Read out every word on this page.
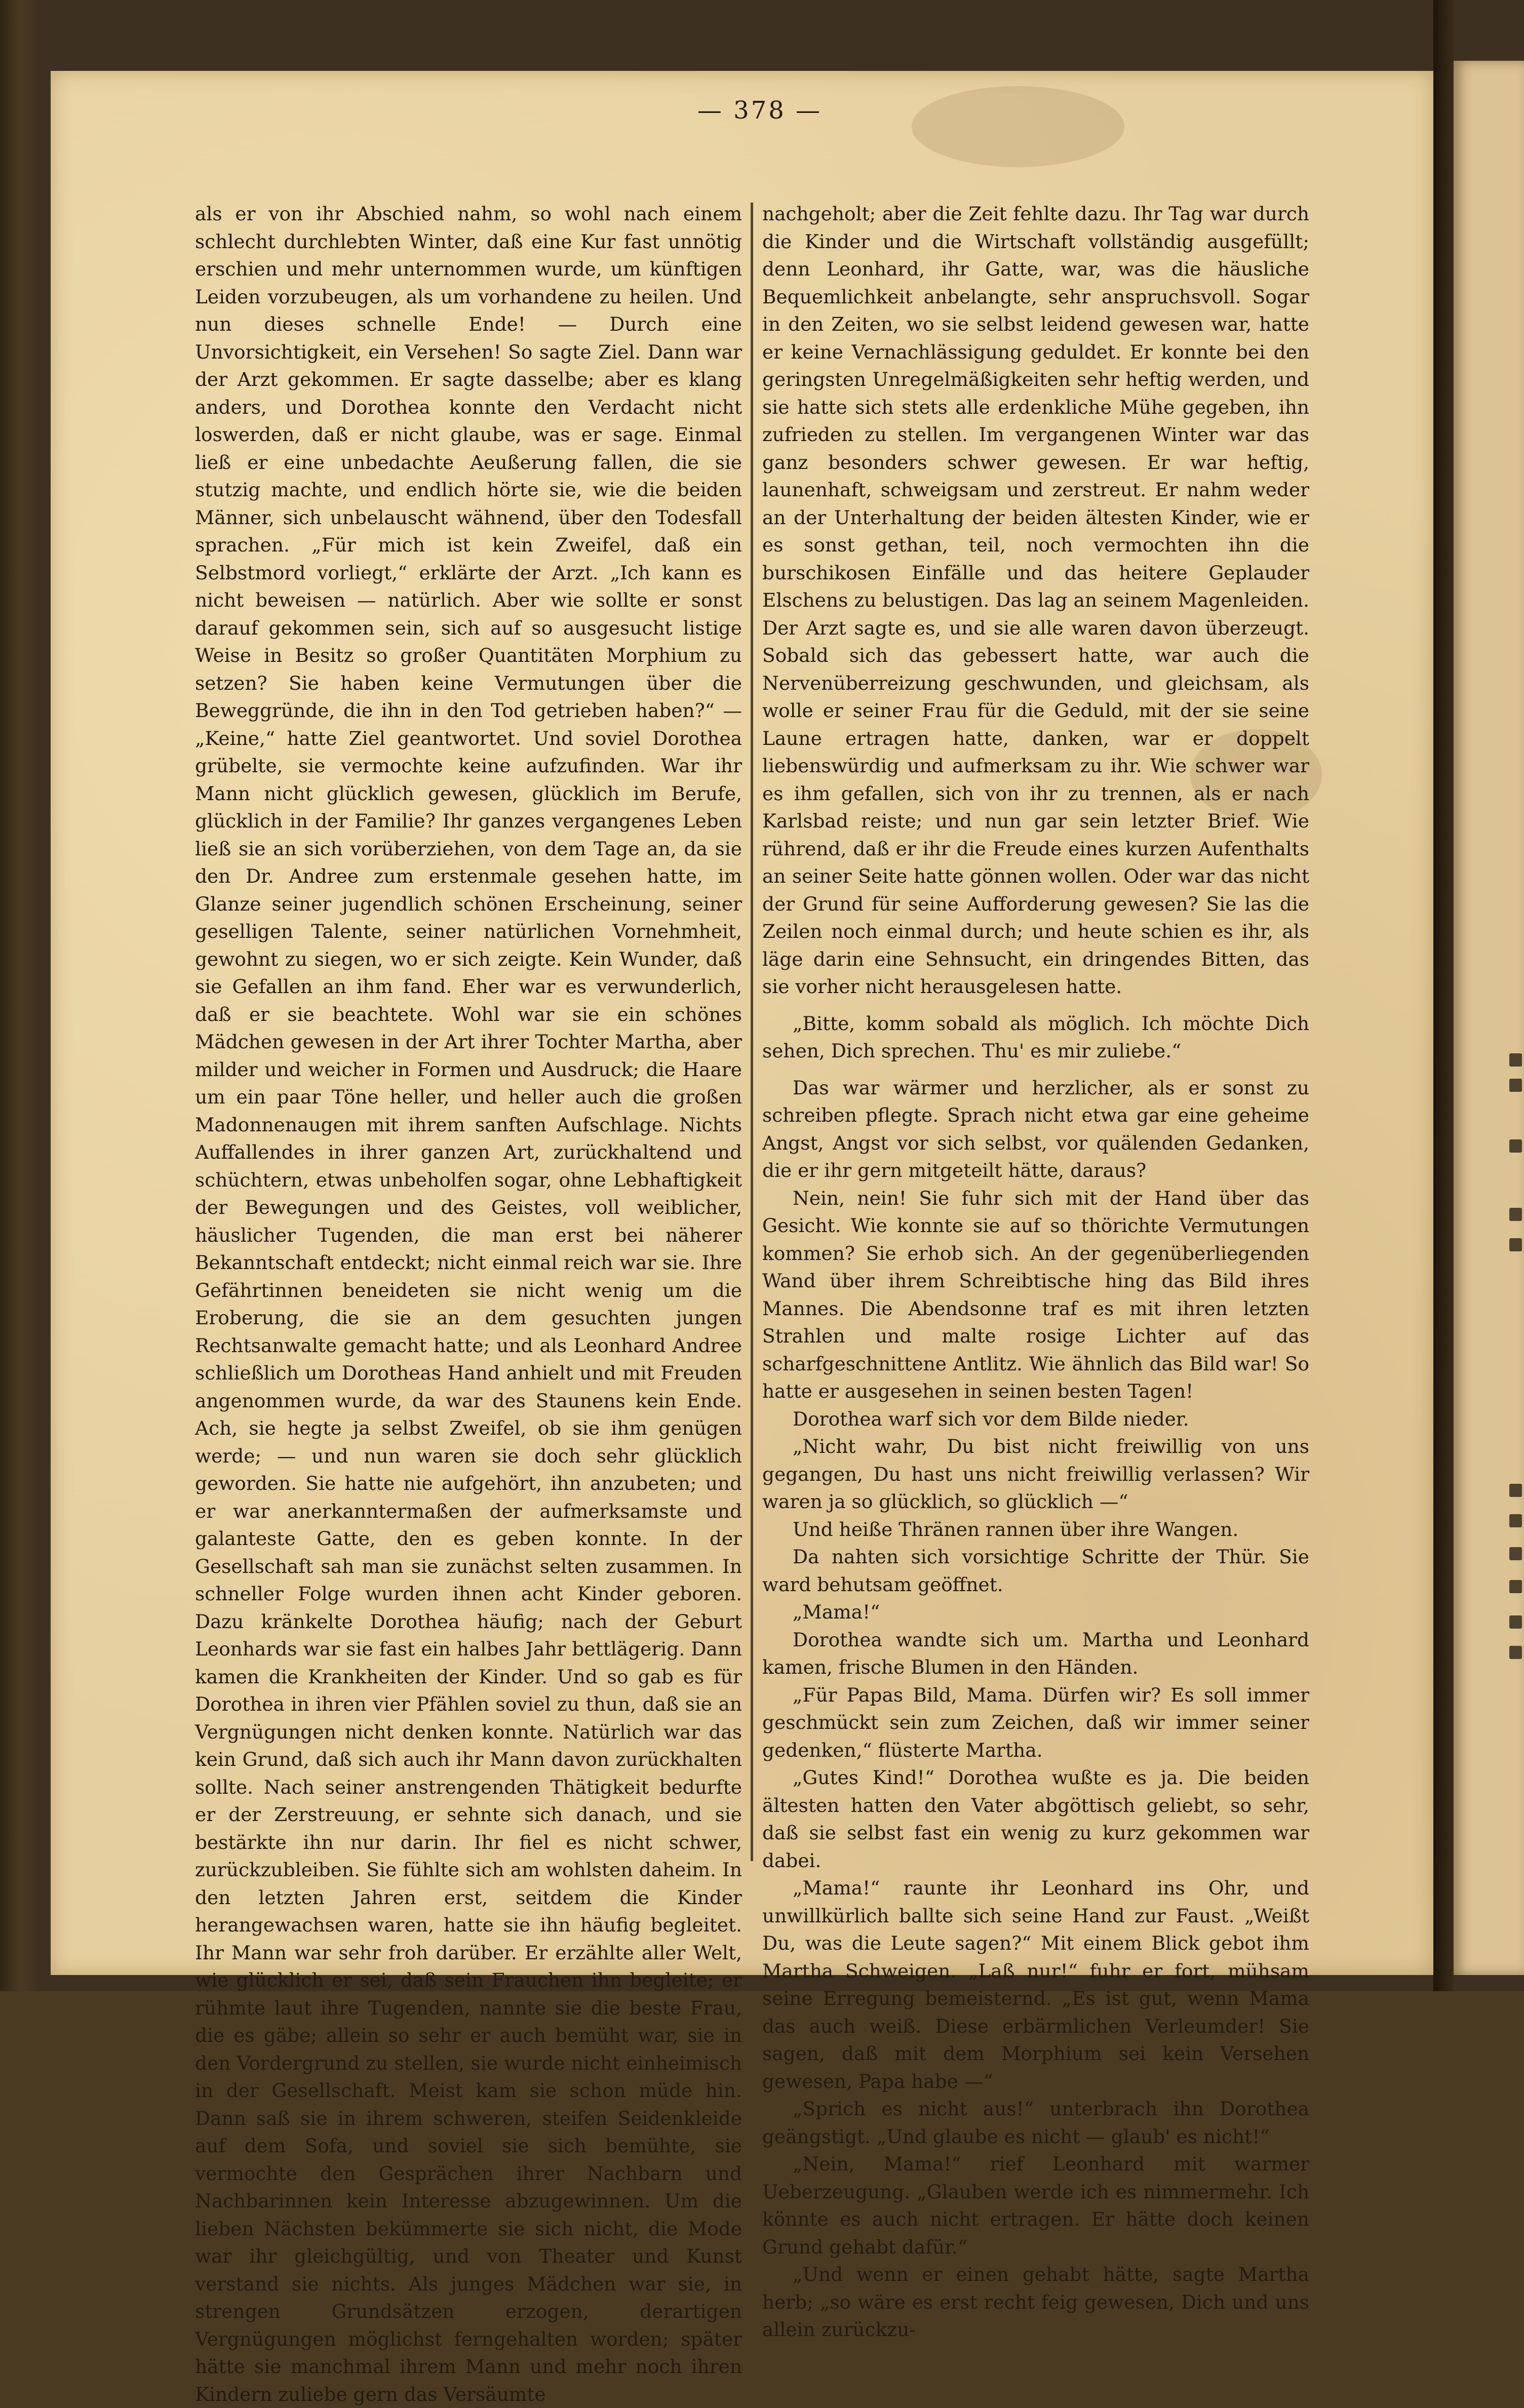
— 378 —

als er von ihr Abschied nahm, so wohl nach einem schlecht durchlebten Winter, daß eine Kur fast unnötig erschien und mehr unternommen wurde, um künftigen Leiden vorzubeugen, als um vorhandene zu heilen. Und nun dieses schnelle Ende! — Durch eine Unvorsichtigkeit, ein Versehen! So sagte Ziel. Dann war der Arzt gekommen. Er sagte dasselbe; aber es klang anders, und Dorothea konnte den Verdacht nicht loswerden, daß er nicht glaube, was er sage. Einmal ließ er eine unbedachte Aeußerung fallen, die sie stutzig machte, und endlich hörte sie, wie die beiden Männer, sich unbelauscht wähnend, über den Todesfall sprachen. „Für mich ist kein Zweifel, daß ein Selbstmord vorliegt,“ erklärte der Arzt. „Ich kann es nicht beweisen — natürlich. Aber wie sollte er sonst darauf gekommen sein, sich auf so ausgesucht listige Weise in Besitz so großer Quantitäten Morphium zu setzen? Sie haben keine Vermutungen über die Beweggründe, die ihn in den Tod getrieben haben?“ — „Keine,“ hatte Ziel geantwortet. Und soviel Dorothea grübelte, sie vermochte keine aufzufinden. War ihr Mann nicht glücklich gewesen, glücklich im Berufe, glücklich in der Familie? Ihr ganzes vergangenes Leben ließ sie an sich vorüberziehen, von dem Tage an, da sie den Dr. Andree zum erstenmale gesehen hatte, im Glanze seiner jugendlich schönen Erscheinung, seiner geselligen Talente, seiner natürlichen Vornehmheit, gewohnt zu siegen, wo er sich zeigte. Kein Wunder, daß sie Gefallen an ihm fand. Eher war es verwunderlich, daß er sie beachtete. Wohl war sie ein schönes Mädchen gewesen in der Art ihrer Tochter Martha, aber milder und weicher in Formen und Ausdruck; die Haare um ein paar Töne heller, und heller auch die großen Madonnenaugen mit ihrem sanften Aufschlage. Nichts Auffallendes in ihrer ganzen Art, zurückhaltend und schüchtern, etwas unbeholfen sogar, ohne Lebhaftigkeit der Bewegungen und des Geistes, voll weiblicher, häuslicher Tugenden, die man erst bei näherer Bekanntschaft entdeckt; nicht einmal reich war sie. Ihre Gefährtinnen beneideten sie nicht wenig um die Eroberung, die sie an dem gesuchten jungen Rechtsanwalte gemacht hatte; und als Leonhard Andree schließlich um Dorotheas Hand anhielt und mit Freuden angenommen wurde, da war des Staunens kein Ende. Ach, sie hegte ja selbst Zweifel, ob sie ihm genügen werde; — und nun waren sie doch sehr glücklich geworden. Sie hatte nie aufgehört, ihn anzubeten; und er war anerkanntermaßen der aufmerksamste und galanteste Gatte, den es geben konnte. In der Gesellschaft sah man sie zunächst selten zusammen. In schneller Folge wurden ihnen acht Kinder geboren. Dazu kränkelte Dorothea häufig; nach der Geburt Leonhards war sie fast ein halbes Jahr bettlägerig. Dann kamen die Krankheiten der Kinder. Und so gab es für Dorothea in ihren vier Pfählen soviel zu thun, daß sie an Vergnügungen nicht denken konnte. Natürlich war das kein Grund, daß sich auch ihr Mann davon zurückhalten sollte. Nach seiner anstrengenden Thätigkeit bedurfte er der Zerstreuung, er sehnte sich danach, und sie bestärkte ihn nur darin. Ihr fiel es nicht schwer, zurückzubleiben. Sie fühlte sich am wohlsten daheim. In den letzten Jahren erst, seitdem die Kinder herangewachsen waren, hatte sie ihn häufig begleitet. Ihr Mann war sehr froh darüber. Er erzählte aller Welt, wie glücklich er sei, daß sein Frauchen ihn begleite; er rühmte laut ihre Tugenden, nannte sie die beste Frau, die es gäbe; allein so sehr er auch bemüht war, sie in den Vordergrund zu stellen, sie wurde nicht einheimisch in der Gesellschaft. Meist kam sie schon müde hin. Dann saß sie in ihrem schweren, steifen Seidenkleide auf dem Sofa, und soviel sie sich bemühte, sie vermochte den Gesprächen ihrer Nachbarn und Nachbarinnen kein Interesse abzugewinnen. Um die lieben Nächsten bekümmerte sie sich nicht, die Mode war ihr gleichgültig, und von Theater und Kunst verstand sie nichts. Als junges Mädchen war sie, in strengen Grundsätzen erzogen, derartigen Vergnügungen möglichst ferngehalten worden; später hätte sie manchmal ihrem Mann und mehr noch ihren Kindern zuliebe gern das Versäumte

nachgeholt; aber die Zeit fehlte dazu. Ihr Tag war durch die Kinder und die Wirtschaft vollständig ausgefüllt; denn Leonhard, ihr Gatte, war, was die häusliche Bequemlichkeit anbelangte, sehr anspruchsvoll. Sogar in den Zeiten, wo sie selbst leidend gewesen war, hatte er keine Vernachlässigung geduldet. Er konnte bei den geringsten Unregelmäßigkeiten sehr heftig werden, und sie hatte sich stets alle erdenkliche Mühe gegeben, ihn zufrieden zu stellen. Im vergangenen Winter war das ganz besonders schwer gewesen. Er war heftig, launenhaft, schweigsam und zerstreut. Er nahm weder an der Unterhaltung der beiden ältesten Kinder, wie er es sonst gethan, teil, noch vermochten ihn die burschikosen Einfälle und das heitere Geplauder Elschens zu belustigen. Das lag an seinem Magenleiden. Der Arzt sagte es, und sie alle waren davon überzeugt. Sobald sich das gebessert hatte, war auch die Nervenüberreizung geschwunden, und gleichsam, als wolle er seiner Frau für die Geduld, mit der sie seine Laune ertragen hatte, danken, war er doppelt liebenswürdig und aufmerksam zu ihr. Wie schwer war es ihm gefallen, sich von ihr zu trennen, als er nach Karlsbad reiste; und nun gar sein letzter Brief. Wie rührend, daß er ihr die Freude eines kurzen Aufenthalts an seiner Seite hatte gönnen wollen. Oder war das nicht der Grund für seine Aufforderung gewesen? Sie las die Zeilen noch einmal durch; und heute schien es ihr, als läge darin eine Sehnsucht, ein dringendes Bitten, das sie vorher nicht herausgelesen hatte.

„Bitte, komm sobald als möglich. Ich möchte Dich sehen, Dich sprechen. Thu' es mir zuliebe.“

Das war wärmer und herzlicher, als er sonst zu schreiben pflegte. Sprach nicht etwa gar eine geheime Angst, Angst vor sich selbst, vor quälenden Gedanken, die er ihr gern mitgeteilt hätte, daraus?

Nein, nein! Sie fuhr sich mit der Hand über das Gesicht. Wie konnte sie auf so thörichte Vermutungen kommen? Sie erhob sich. An der gegenüberliegenden Wand über ihrem Schreibtische hing das Bild ihres Mannes. Die Abendsonne traf es mit ihren letzten Strahlen und malte rosige Lichter auf das scharfgeschnittene Antlitz. Wie ähnlich das Bild war! So hatte er ausgesehen in seinen besten Tagen!

Dorothea warf sich vor dem Bilde nieder.

„Nicht wahr, Du bist nicht freiwillig von uns gegangen, Du hast uns nicht freiwillig verlassen? Wir waren ja so glücklich, so glücklich —“

Und heiße Thränen rannen über ihre Wangen.

Da nahten sich vorsichtige Schritte der Thür. Sie ward behutsam geöffnet.

„Mama!“

Dorothea wandte sich um. Martha und Leonhard kamen, frische Blumen in den Händen.

„Für Papas Bild, Mama. Dürfen wir? Es soll immer geschmückt sein zum Zeichen, daß wir immer seiner gedenken,“ flüsterte Martha.

„Gutes Kind!“ Dorothea wußte es ja. Die beiden ältesten hatten den Vater abgöttisch geliebt, so sehr, daß sie selbst fast ein wenig zu kurz gekommen war dabei.

„Mama!“ raunte ihr Leonhard ins Ohr, und unwillkürlich ballte sich seine Hand zur Faust. „Weißt Du, was die Leute sagen?“ Mit einem Blick gebot ihm Martha Schweigen. „Laß nur!“ fuhr er fort, mühsam seine Erregung bemeisternd. „Es ist gut, wenn Mama das auch weiß. Diese erbärmlichen Verleumder! Sie sagen, daß mit dem Morphium sei kein Versehen gewesen, Papa habe —“

„Sprich es nicht aus!“ unterbrach ihn Dorothea geängstigt. „Und glaube es nicht — glaub' es nicht!“

„Nein, Mama!“ rief Leonhard mit warmer Ueberzeugung. „Glauben werde ich es nimmermehr. Ich könnte es auch nicht ertragen. Er hätte doch keinen Grund gehabt dafür.“

„Und wenn er einen gehabt hätte, sagte Martha herb; „so wäre es erst recht feig gewesen, Dich und uns allein zurückzu-
